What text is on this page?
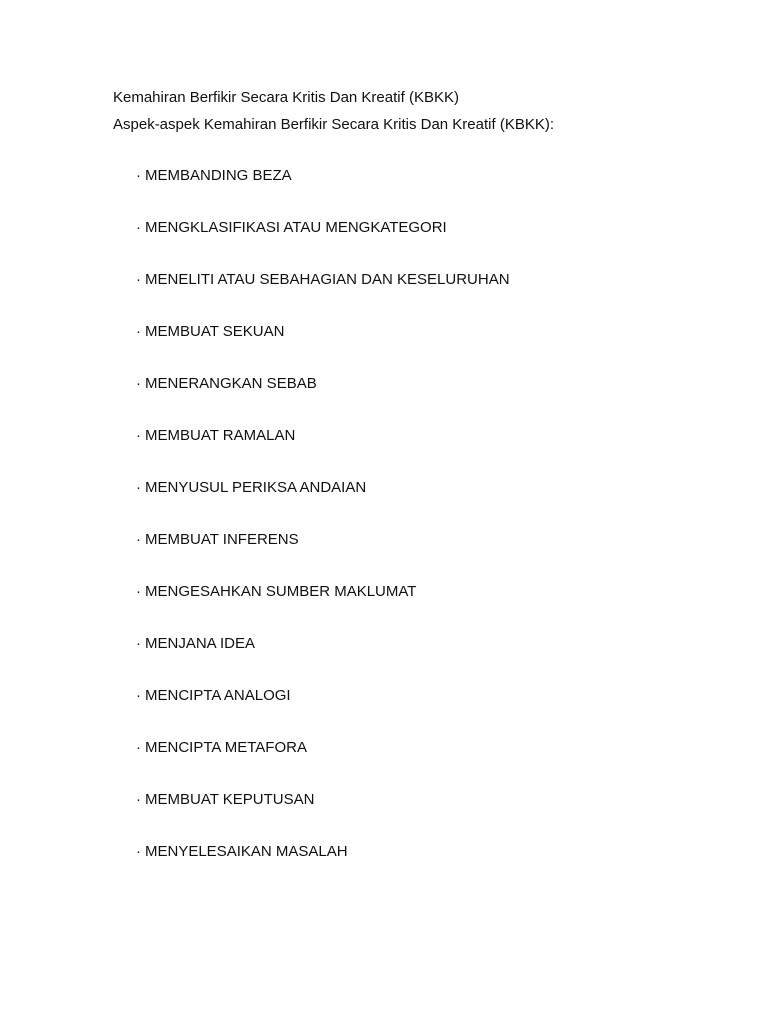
Kemahiran Berfikir Secara Kritis Dan Kreatif (KBKK)
Aspek-aspek Kemahiran Berfikir Secara Kritis Dan Kreatif (KBKK):
· MEMBANDING BEZA
· MENGKLASIFIKASI ATAU MENGKATEGORI
· MENELITI ATAU SEBAHAGIAN DAN KESELURUHAN
· MEMBUAT SEKUAN
· MENERANGKAN SEBAB
· MEMBUAT RAMALAN
· MENYUSUL PERIKSA ANDAIAN
· MEMBUAT INFERENS
· MENGESAHKAN SUMBER MAKLUMAT
· MENJANA IDEA
· MENCIPTA ANALOGI
· MENCIPTA METAFORA
· MEMBUAT KEPUTUSAN
· MENYELESAIKAN MASALAH
